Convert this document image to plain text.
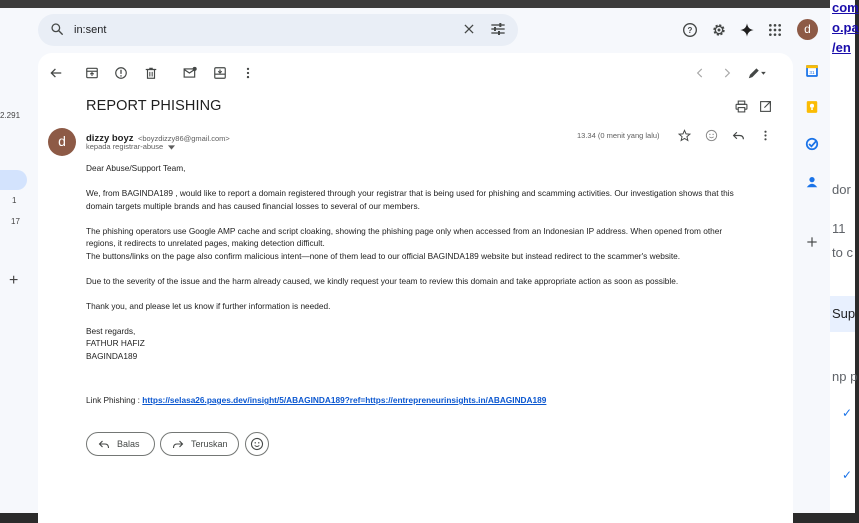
com
o.pa
/en
dor
11
to c
Sup
np p
✓
✓
2.291
1
17
+
in:sent
?	d
REPORT PHISHING
d	dizzy boyz <boyzdizzy86@gmail.com>
kepada registrar-abuse
13.34 (0 menit yang lalu)

Dear Abuse/Support Team,

We, from BAGINDA189 , would like to report a domain registered through your registrar that is being used for phishing and scamming activities. Our investigation shows that this

domain targets multiple brands and has caused financial losses to several of our members.

The phishing operators use Google AMP cache and script cloaking, showing the phishing page only when accessed from an Indonesian IP address. When opened from other

regions, it redirects to unrelated pages, making detection difficult.

The buttons/links on the page also confirm malicious intent—none of them lead to our official BAGINDA189 website but instead redirect to the scammer's website.

Due to the severity of the issue and the harm already caused, we kindly request your team to review this domain and take appropriate action as soon as possible.

Thank you, and please let us know if further information is needed.

Best regards,

FATHUR HAFIZ

BAGINDA189

Link Phishing : https://selasa26.pages.dev/insight/5/ABAGINDA189?ref=https://entrepreneurinsights.in/ABAGINDA189
Balas	Teruskan
31
